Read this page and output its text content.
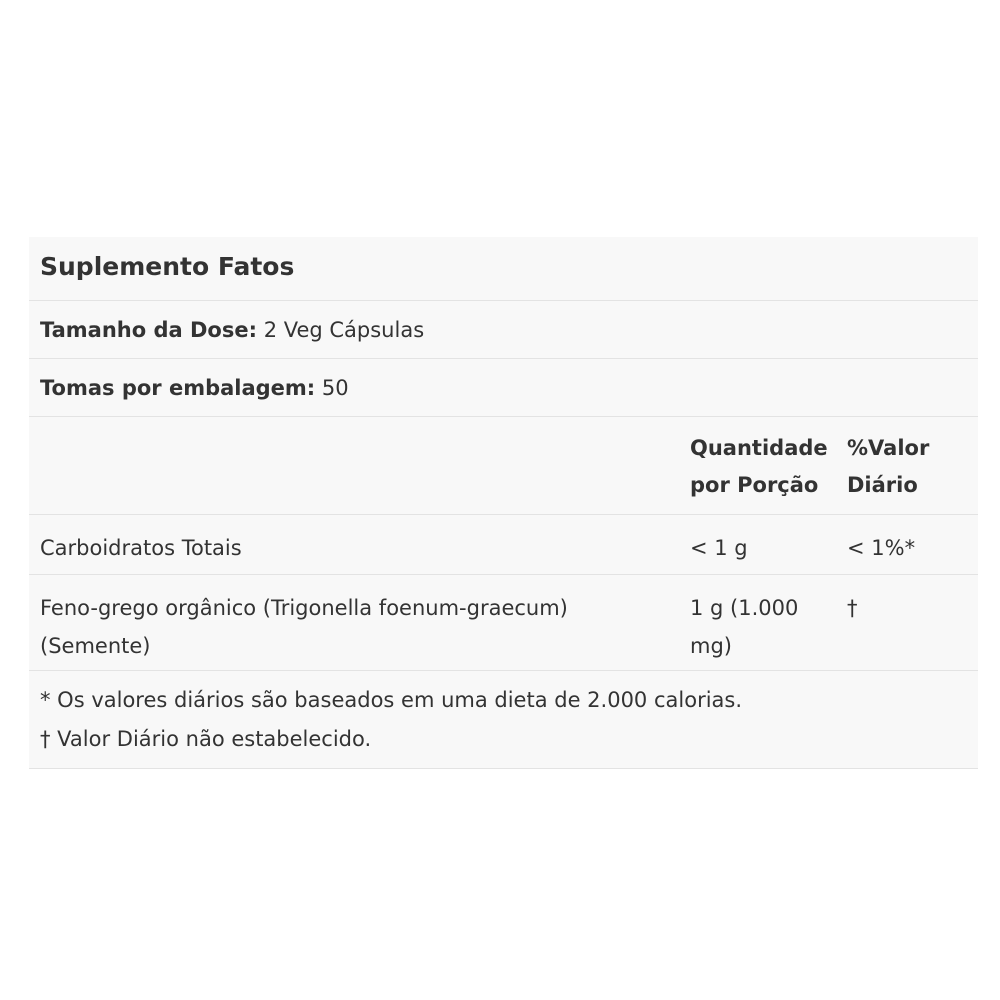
Suplemento Fatos
Tamanho da Dose: 2 Veg Cápsulas
Tomas por embalagem: 50
Quantidade
por Porção
%Valor
Diário
Carboidratos Totais	< 1 g	< 1%*
Feno-grego orgânico (Trigonella foenum-graecum)
(Semente)
1 g (1.000
mg)
†
* Os valores diários são baseados em uma dieta de 2.000 calorias.
† Valor Diário não estabelecido.
